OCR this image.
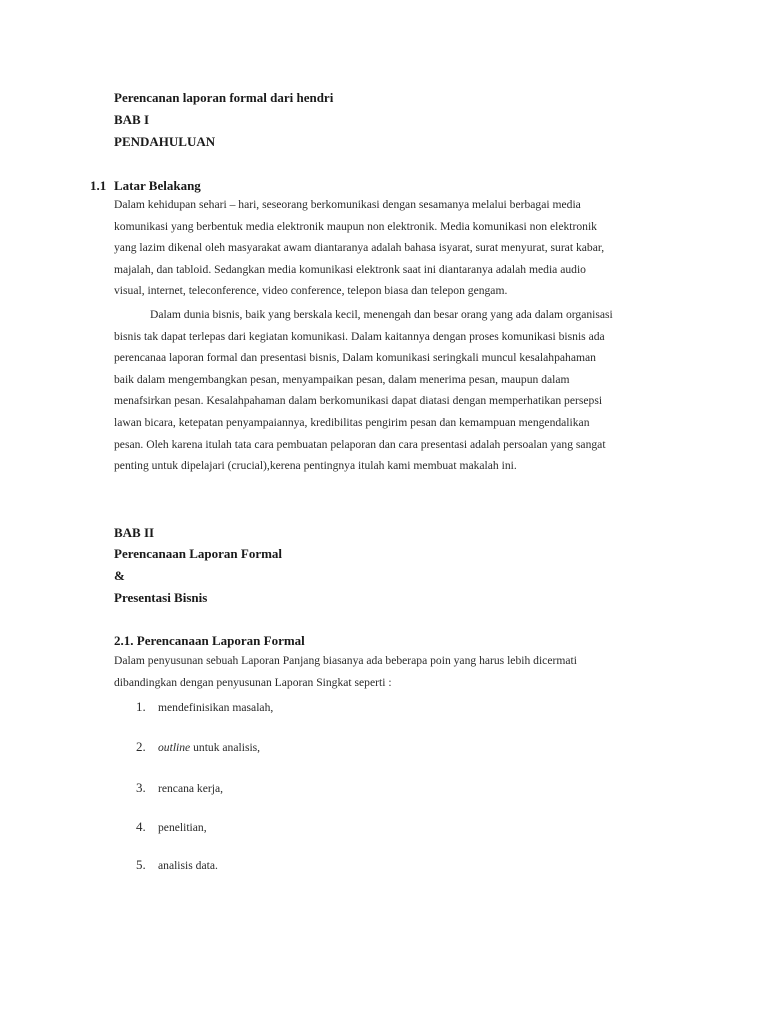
Perencanan laporan formal dari hendri
BAB I
PENDAHULUAN
1.1 Latar Belakang
Dalam kehidupan sehari – hari, seseorang berkomunikasi dengan sesamanya melalui berbagai media
komunikasi yang berbentuk media elektronik maupun non elektronik. Media komunikasi non elektronik
yang lazim dikenal oleh masyarakat awam diantaranya adalah bahasa isyarat, surat menyurat, surat kabar,
majalah, dan tabloid. Sedangkan media komunikasi elektronk saat ini diantaranya adalah media audio
visual, internet, teleconference, video conference, telepon biasa dan telepon gengam.
Dalam dunia bisnis, baik yang berskala kecil, menengah dan besar orang yang ada dalam organisasi
bisnis tak dapat terlepas dari kegiatan komunikasi. Dalam kaitannya dengan proses komunikasi bisnis ada
perencanaa laporan formal dan presentasi bisnis, Dalam komunikasi seringkali muncul kesalahpahaman
baik dalam mengembangkan pesan, menyampaikan pesan, dalam menerima pesan, maupun dalam
menafsirkan pesan. Kesalahpahaman dalam berkomunikasi dapat diatasi dengan memperhatikan persepsi
lawan bicara, ketepatan penyampaiannya, kredibilitas pengirim pesan dan kemampuan mengendalikan
pesan. Oleh karena itulah tata cara pembuatan pelaporan dan cara presentasi adalah persoalan yang sangat
penting untuk dipelajari (crucial),kerena pentingnya itulah kami membuat makalah ini.
BAB II
Perencanaan Laporan Formal
&
Presentasi Bisnis
2.1. Perencanaan Laporan Formal
Dalam penyusunan sebuah Laporan Panjang biasanya ada beberapa poin yang harus lebih dicermati
dibandingkan dengan penyusunan Laporan Singkat seperti :
1. mendefinisikan masalah,
2. outline untuk analisis,
3. rencana kerja,
4. penelitian,
5. analisis data.
